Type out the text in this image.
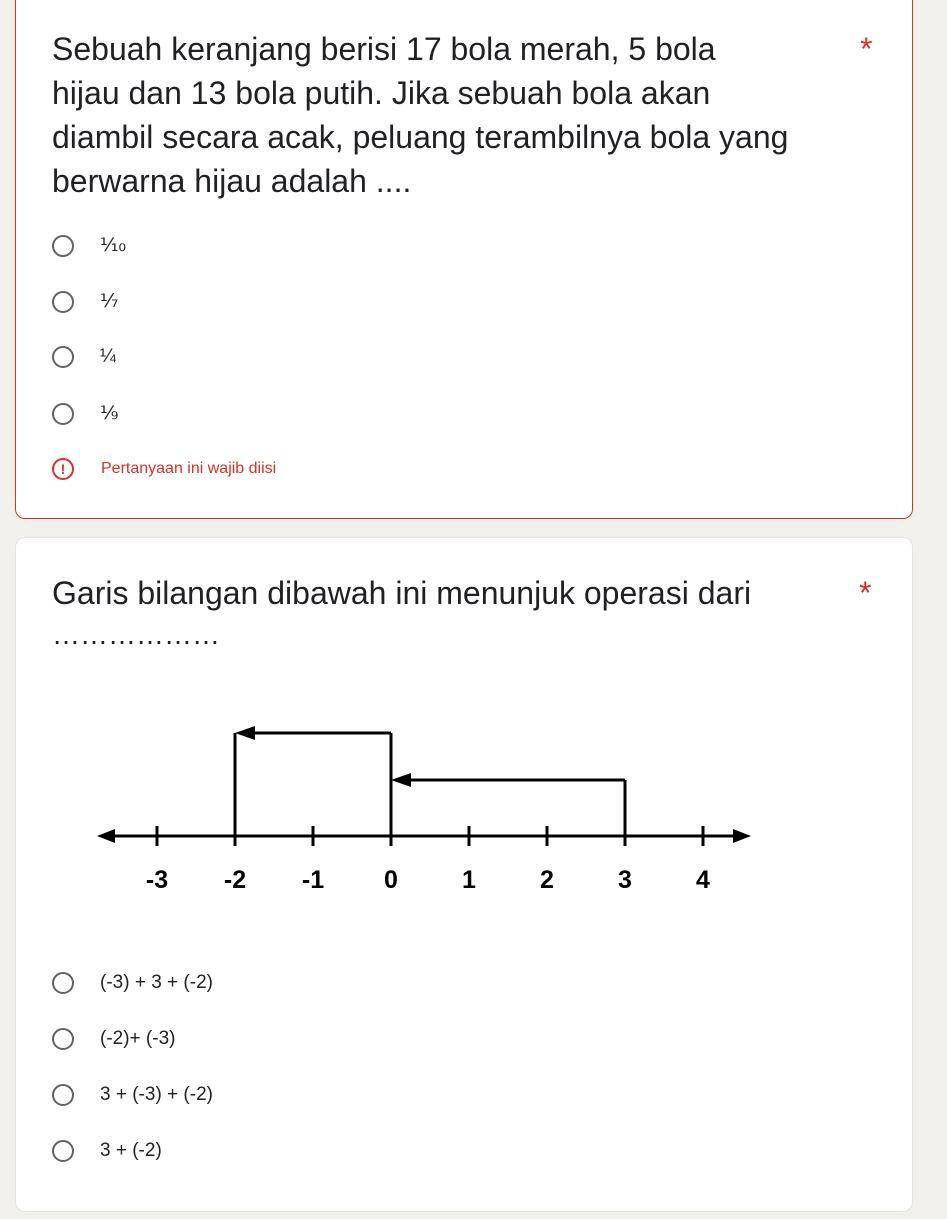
Sebuah keranjang berisi 17 bola merah, 5 bola hijau dan 13 bola putih. Jika sebuah bola akan diambil secara acak, peluang terambilnya bola yang berwarna hijau adalah ....

*
⅒
⅐
¼
⅑
!	Pertanyaan ini wajib diisi

Garis bilangan dibawah ini menunjuk operasi dari	*
………………
-3 -2 -1 0	1	2	3	4
(-3) + 3 + (-2)
(-2)+ (-3)
3 + (-3) + (-2)
3 + (-2)
